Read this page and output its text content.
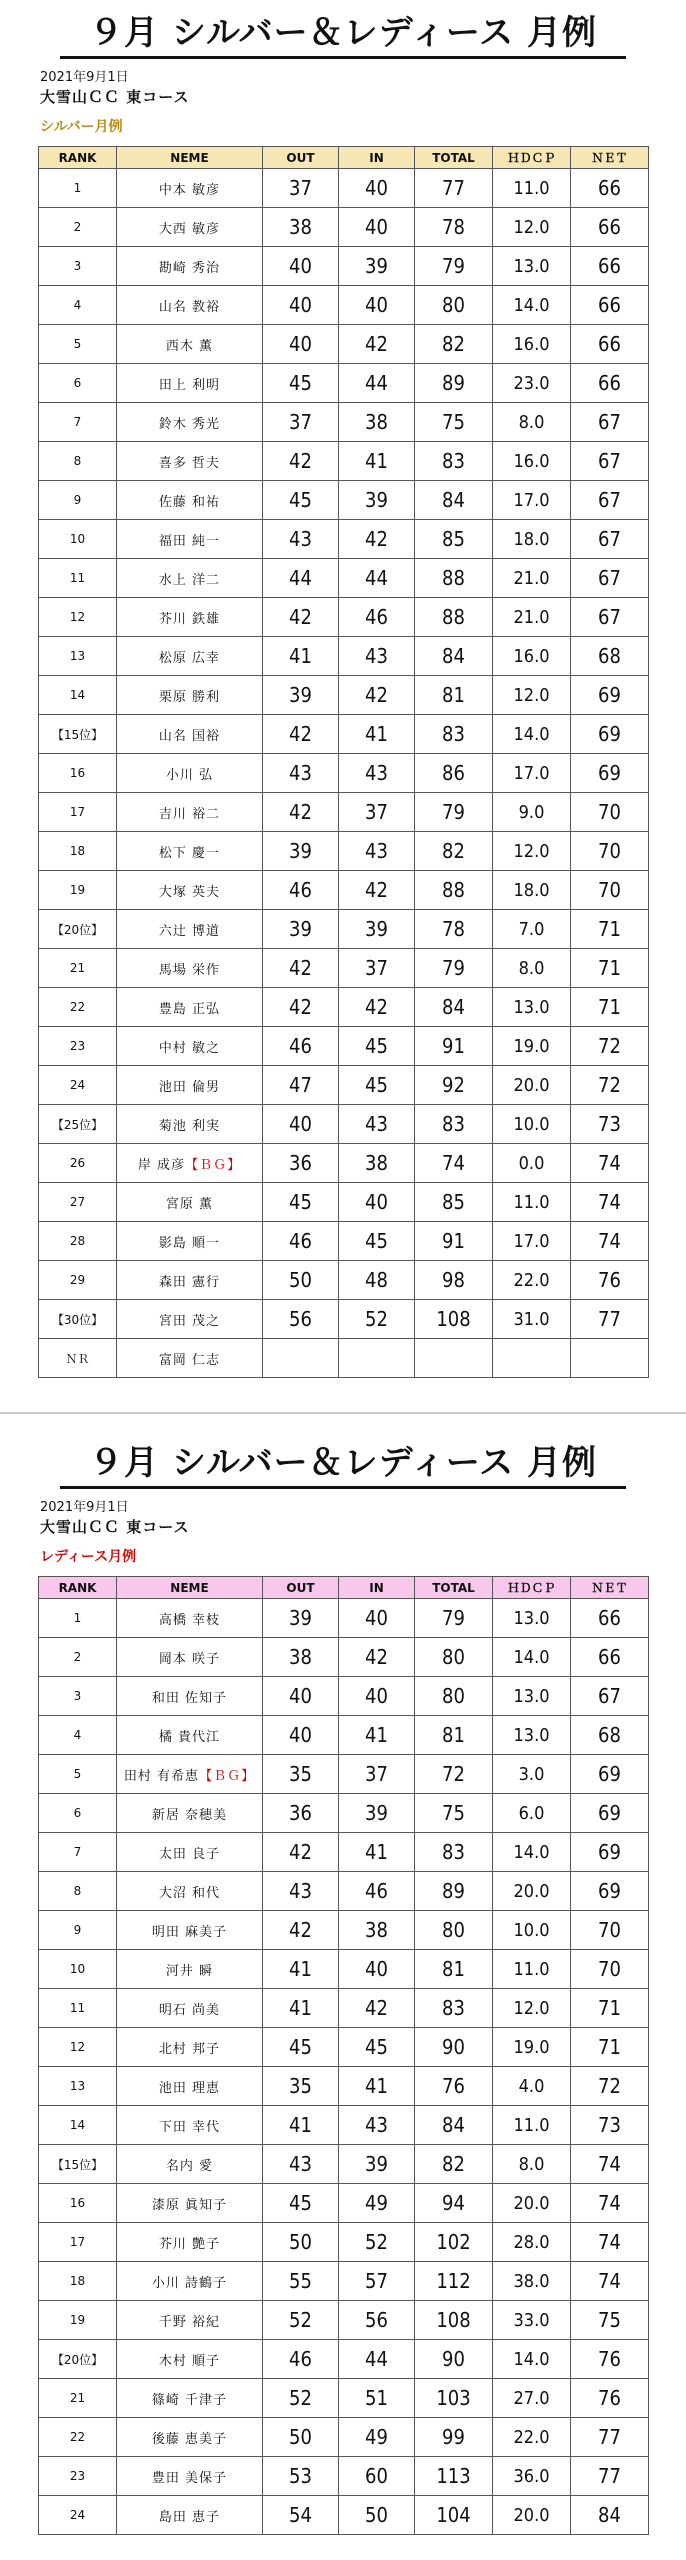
９月 シルバー＆レディース 月例
2021年9月1日
大雪山ＣＣ 東コース
シルバー月例
RANK	NEME	OUT	IN	TOTAL	ＨＤＣＰ	ＮＥＴ
1	中本 敏彦	37	40	77	11.0	66
2	大西 敏彦	38	40	78	12.0	66
3	勘崎 秀治	40	39	79	13.0	66
4	山名 教裕	40	40	80	14.0	66
5	西木 薫	40	42	82	16.0	66
6	田上 利明	45	44	89	23.0	66
7	鈴木 秀光	37	38	75	8.0	67
8	喜多 哲夫	42	41	83	16.0	67
9	佐藤 和祐	45	39	84	17.0	67
10	福田 純一	43	42	85	18.0	67
11	水上 洋二	44	44	88	21.0	67
12	芥川 鉄雄	42	46	88	21.0	67
13	松原 広幸	41	43	84	16.0	68
14	栗原 勝利	39	42	81	12.0	69
【15位】	山名 国裕	42	41	83	14.0	69
16	小川 弘	43	43	86	17.0	69
17	吉川 裕二	42	37	79	9.0	70
18	松下 慶一	39	43	82	12.0	70
19	大塚 英夫	46	42	88	18.0	70
【20位】	六辻 博道	39	39	78	7.0	71
21	馬場 栄作	42	37	79	8.0	71
22	豊島 正弘	42	42	84	13.0	71
23	中村 敏之	46	45	91	19.0	72
24	池田 倫男	47	45	92	20.0	72
【25位】	菊池 利実	40	43	83	10.0	73
26	岸 成彦【ＢＧ】	36	38	74	0.0	74
27	宮原 薫	45	40	85	11.0	74
28	影島 順一	46	45	91	17.0	74
29	森田 憲行	50	48	98	22.0	76
【30位】	宮田 茂之	56	52	108	31.0	77
ＮＲ	富岡 仁志					
９月 シルバー＆レディース 月例
2021年9月1日
大雪山ＣＣ 東コース
レディース月例
RANK	NEME	OUT	IN	TOTAL	ＨＤＣＰ	ＮＥＴ
1	高橋 幸枝	39	40	79	13.0	66
2	岡本 咲子	38	42	80	14.0	66
3	和田 佐知子	40	40	80	13.0	67
4	橘 貴代江	40	41	81	13.0	68
5	田村 有希恵【ＢＧ】	35	37	72	3.0	69
6	新居 奈穂美	36	39	75	6.0	69
7	太田 良子	42	41	83	14.0	69
8	大沼 和代	43	46	89	20.0	69
9	明田 麻美子	42	38	80	10.0	70
10	河井 瞬	41	40	81	11.0	70
11	明石 尚美	41	42	83	12.0	71
12	北村 邦子	45	45	90	19.0	71
13	池田 理恵	35	41	76	4.0	72
14	下田 幸代	41	43	84	11.0	73
【15位】	名内 愛	43	39	82	8.0	74
16	漆原 眞知子	45	49	94	20.0	74
17	芥川 艶子	50	52	102	28.0	74
18	小川 詩鶴子	55	57	112	38.0	74
19	千野 裕紀	52	56	108	33.0	75
【20位】	木村 順子	46	44	90	14.0	76
21	篠崎 千津子	52	51	103	27.0	76
22	後藤 恵美子	50	49	99	22.0	77
23	豊田 美保子	53	60	113	36.0	77
24	島田 恵子	54	50	104	20.0	84
